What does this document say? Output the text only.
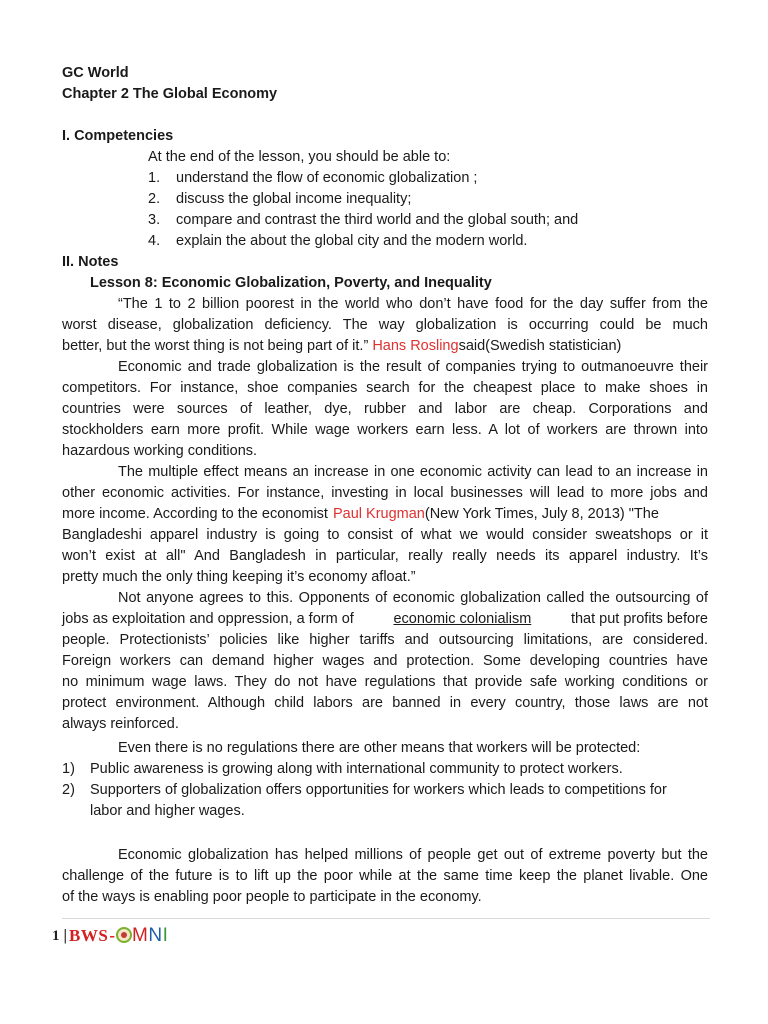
GC World
Chapter 2 The Global Economy
I. Competencies
At the end of the lesson, you should be able to:
1. understand the flow of economic globalization ;
2. discuss the global income inequality;
3. compare and contrast the third world and the global south; and
4. explain the about the global city and the modern world.
II. Notes
Lesson 8: Economic Globalization, Poverty, and Inequality
“The 1 to 2 billion poorest in the world who don’t have food for the day suffer from the
worst disease, globalization deficiency. The way globalization is occurring could be much
better, but the worst thing is not being part of it.” Hans Roslingsaid(Swedish statistician)
Economic and trade globalization is the result of companies trying to outmanoeuvre their
competitors. For instance, shoe companies search for the cheapest place to make shoes in
countries were sources of leather, dye, rubber and labor are cheap. Corporations and
stockholders earn more profit. While wage workers earn less. A lot of workers are thrown into
hazardous working conditions.
The multiple effect means an increase in one economic activity can lead to an increase in
other economic activities. For instance, investing in local businesses will lead to more jobs and
more income. According to the economist Paul Krugman(New York Times, July 8, 2013) "The
Bangladeshi apparel industry is going to consist of what we would consider sweatshops or it
won’t exist at all" And Bangladesh in particular, really really needs its apparel industry. It’s
pretty much the only thing keeping it’s economy afloat.”
Not anyone agrees to this. Opponents of economic globalization called the outsourcing of
jobs as exploitation and oppression, a form of	economic colonialism	that put profits before
people. Protectionists’ policies like higher tariffs and outsourcing limitations, are considered.
Foreign workers can demand higher wages and protection. Some developing countries have
no minimum wage laws. They do not have regulations that provide safe working conditions or
protect environment. Although child labors are banned in every country, those laws are not
always reinforced.
Even there is no regulations there are other means that workers will be protected:
1) Public awareness is growing along with international community to protect workers.
2) Supporters of globalization offers opportunities for workers which leads to competitions for
labor and higher wages.
Economic globalization has helped millions of people get out of extreme poverty but the
challenge of the future is to lift up the poor while at the same time keep the planet livable. One
of the ways is enabling poor people to participate in the economy.
1 | BWS - MNI
